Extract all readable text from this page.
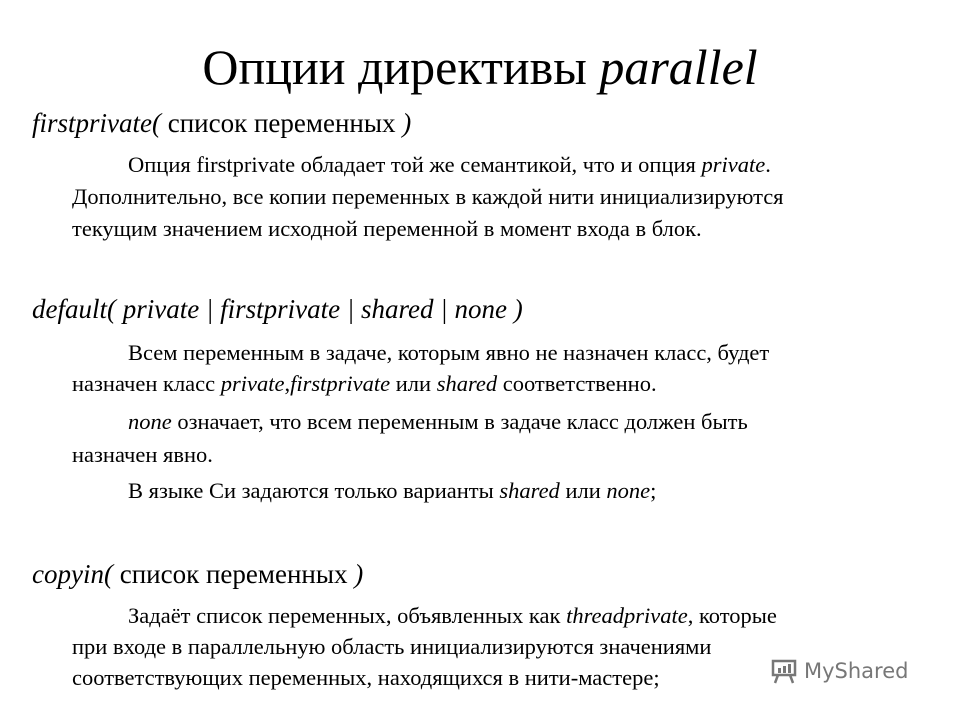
Опции директивы parallel
firstprivate( список переменных )
Опция firstprivate обладает той же семантикой, что и опция private.
Дополнительно, все копии переменных в каждой нити инициализируются
текущим значением исходной переменной в момент входа в блок.
default( private | firstprivate | shared | none )
Всем переменным в задаче, которым явно не назначен класс, будет
назначен класс private,firstprivate или shared соответственно.
none означает, что всем переменным в задаче класс должен быть
назначен явно.
В языке Си задаются только варианты shared или none;
copyin( список переменных )
Задаёт список переменных, объявленных как threadprivate, которые
при входе в параллельную область инициализируются значениями
соответствующих переменных, находящихся в нити-мастере;	MyShared
